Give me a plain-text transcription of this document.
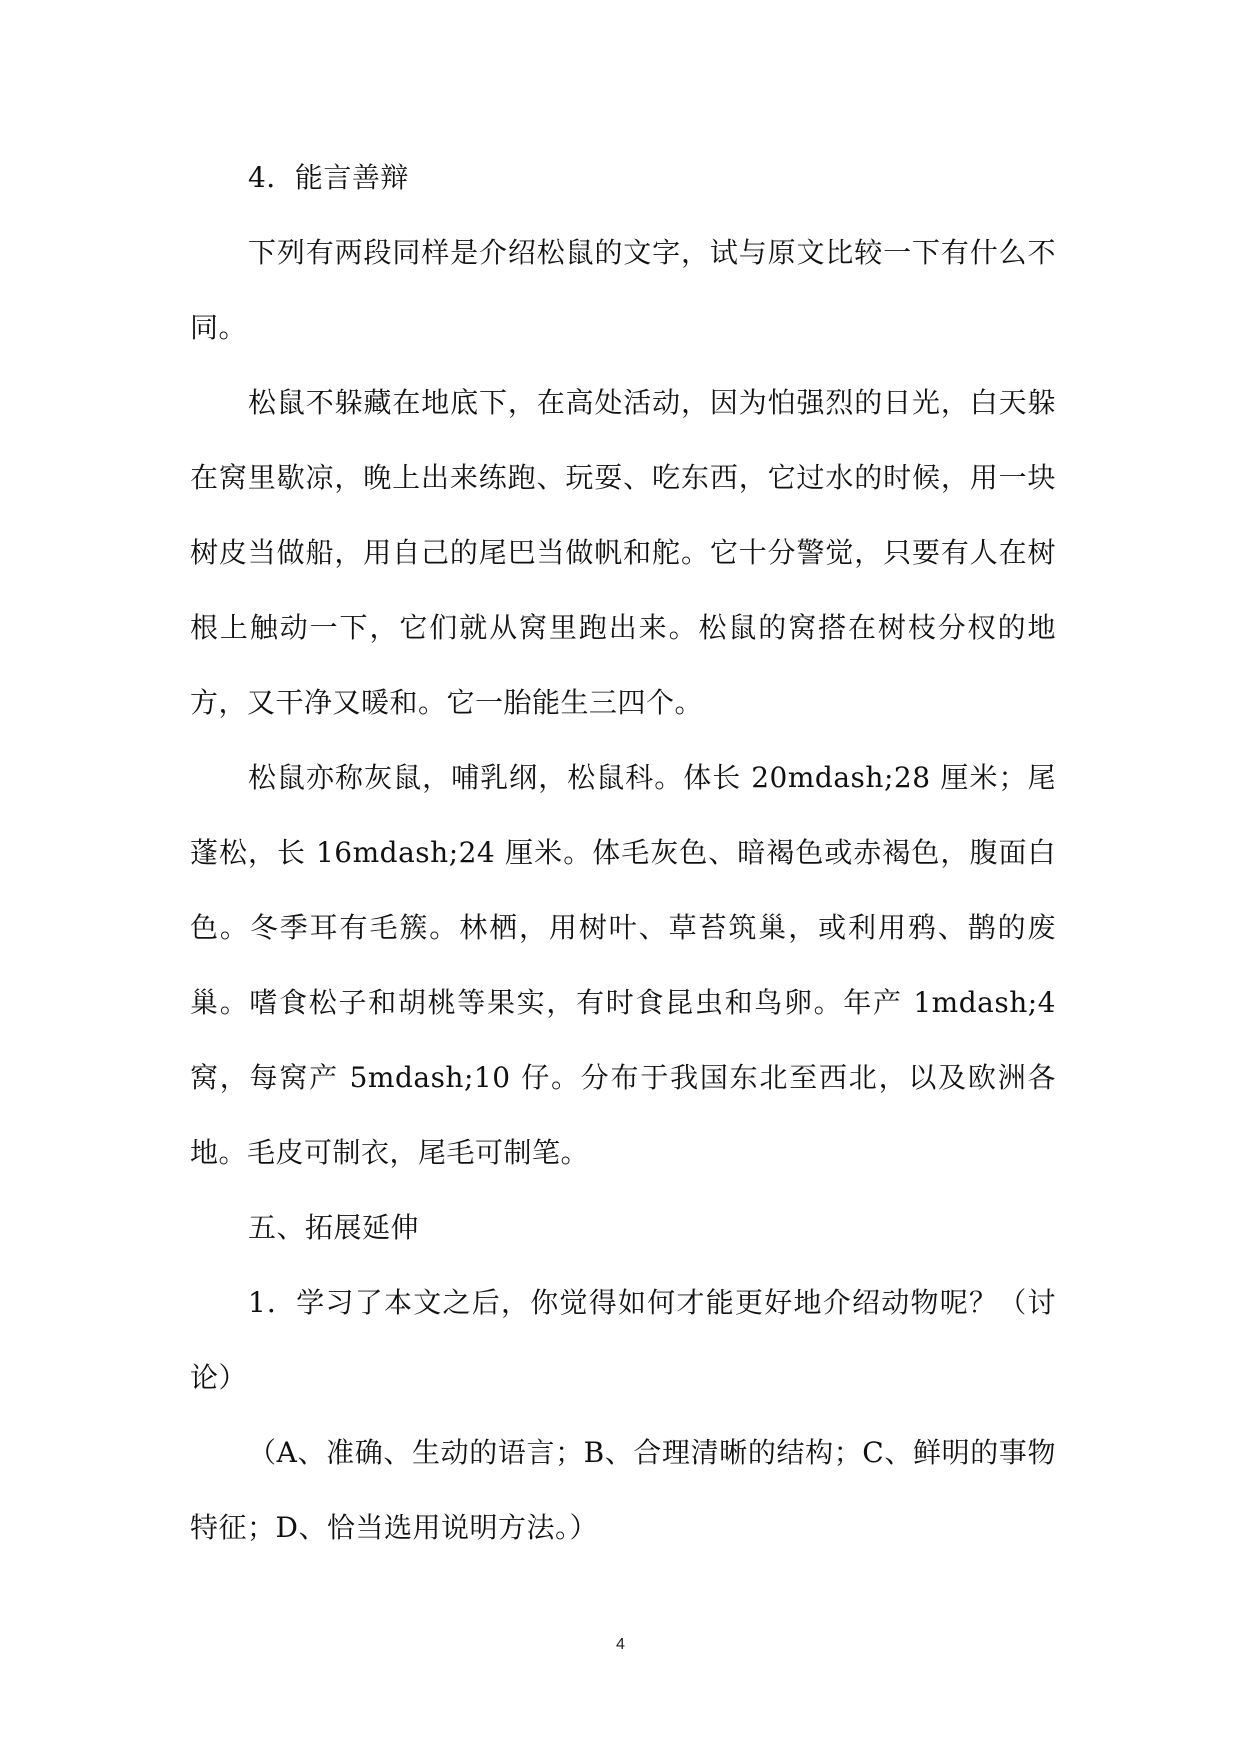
4．能言善辩

下列有两段同样是介绍松鼠的文字，试与原文比较一下有什么不同。

松鼠不躲藏在地底下，在高处活动，因为怕强烈的日光，白天躲在窝里歇凉，晚上出来练跑、玩耍、吃东西，它过水的时候，用一块树皮当做船，用自己的尾巴当做帆和舵。它十分警觉，只要有人在树根上触动一下，它们就从窝里跑出来。松鼠的窝搭在树枝分杈的地方，又干净又暖和。它一胎能生三四个。

松鼠亦称灰鼠，哺乳纲，松鼠科。体长 20mdash;28 厘米；尾蓬松，长 16mdash;24 厘米。体毛灰色、暗褐色或赤褐色，腹面白色。冬季耳有毛簇。林栖，用树叶、草苔筑巢，或利用鸦、鹊的废巢。嗜食松子和胡桃等果实，有时食昆虫和鸟卵。年产 1mdash;4 窝，每窝产 5mdash;10 仔。分布于我国东北至西北，以及欧洲各地。毛皮可制衣，尾毛可制笔。

五、拓展延伸

1．学习了本文之后，你觉得如何才能更好地介绍动物呢？（讨论）

（A、准确、生动的语言；B、合理清晰的结构；C、鲜明的事物特征；D、恰当选用说明方法。）

4
